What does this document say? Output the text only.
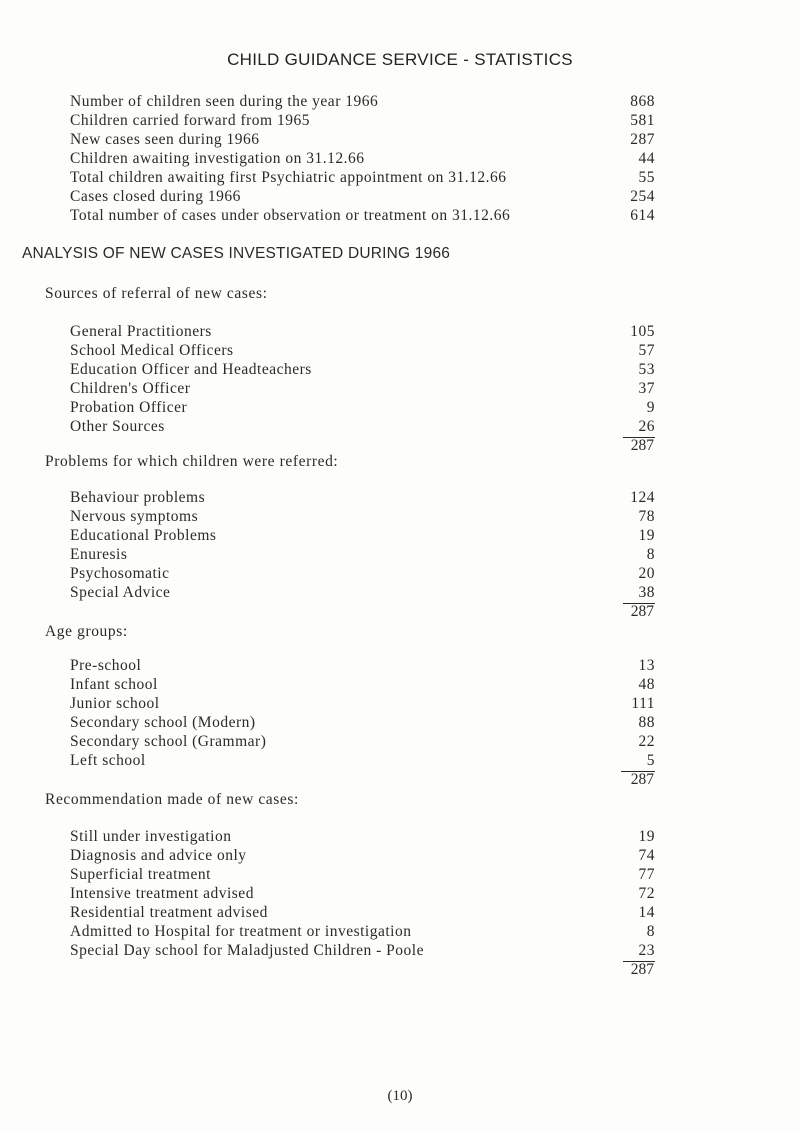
CHILD GUIDANCE SERVICE - STATISTICS
Number of children seen during the year 1966	868
Children carried forward from 1965	581
New cases seen during 1966	287
Children awaiting investigation on 31.12.66	44
Total children awaiting first Psychiatric appointment on 31.12.66	55
Cases closed during 1966	254
Total number of cases under observation or treatment on 31.12.66	614
ANALYSIS OF NEW CASES INVESTIGATED DURING 1966
Sources of referral of new cases:
General Practitioners	105
School Medical Officers	57
Education Officer and Headteachers	53
Children's Officer	37
Probation Officer	9
Other Sources	26
287
Problems for which children were referred:
Behaviour problems	124
Nervous symptoms	78
Educational Problems	19
Enuresis	8
Psychosomatic	20
Special Advice	38
287
Age groups:
Pre-school	13
Infant school	48
Junior school	111
Secondary school (Modern)	88
Secondary school (Grammar)	22
Left school	5
287
Recommendation made of new cases:
Still under investigation	19
Diagnosis and advice only	74
Superficial treatment	77
Intensive treatment advised	72
Residential treatment advised	14
Admitted to Hospital for treatment or investigation	8
Special Day school for Maladjusted Children - Poole	23
287
(10)
